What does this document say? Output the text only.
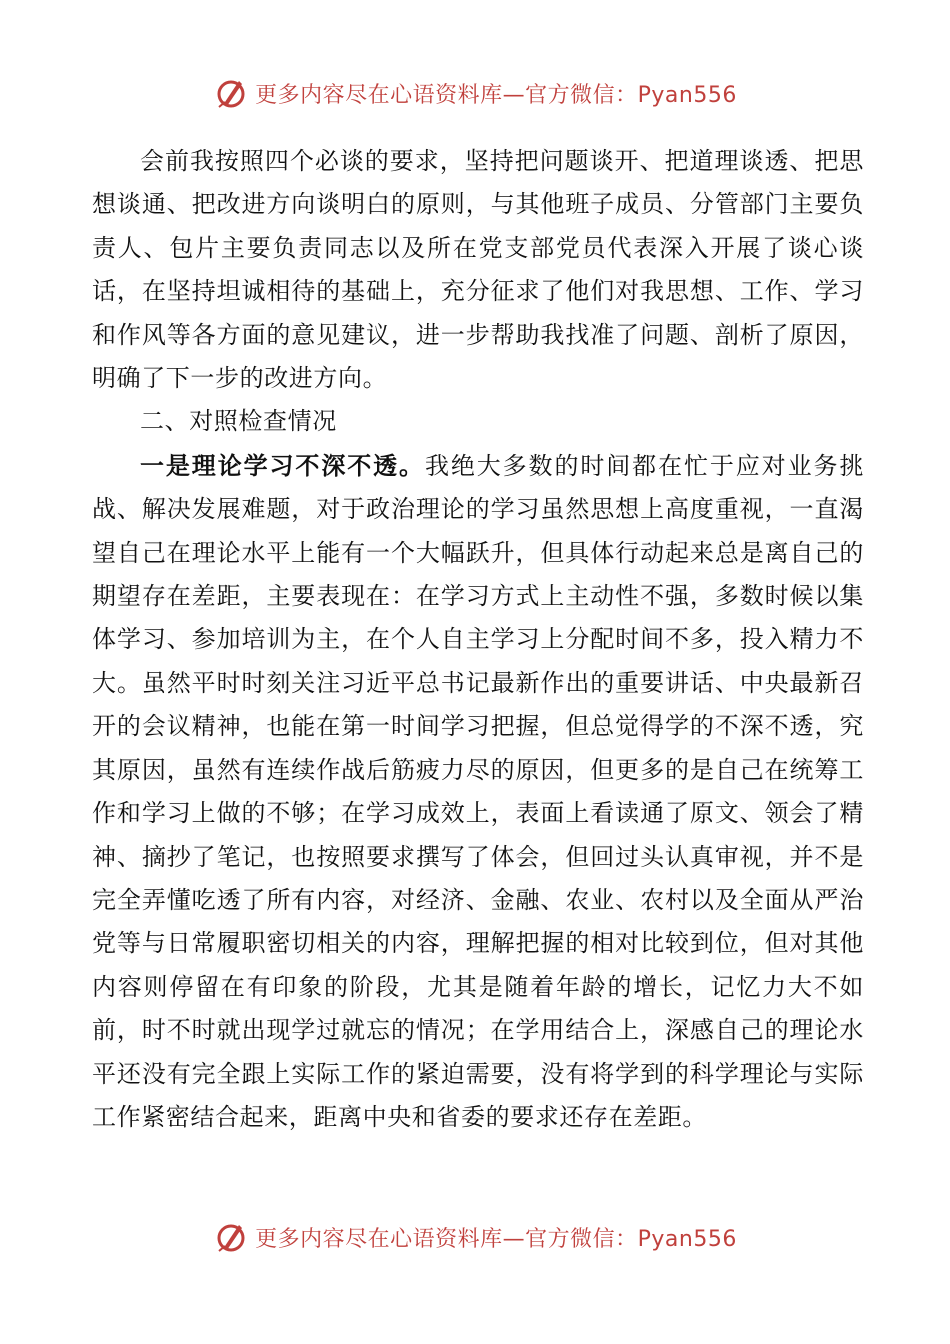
更多内容尽在心语资料库—官方微信：Pyan556

会前我按照四个必谈的要求，坚持把问题谈开、把道理谈透、把思想谈通、把改进方向谈明白的原则，与其他班子成员、分管部门主要负责人、包片主要负责同志以及所在党支部党员代表深入开展了谈心谈话，在坚持坦诚相待的基础上，充分征求了他们对我思想、工作、学习和作风等各方面的意见建议，进一步帮助我找准了问题、剖析了原因，明确了下一步的改进方向。

二、对照检查情况

一是理论学习不深不透。我绝大多数的时间都在忙于应对业务挑战、解决发展难题，对于政治理论的学习虽然思想上高度重视，一直渴望自己在理论水平上能有一个大幅跃升，但具体行动起来总是离自己的期望存在差距，主要表现在：在学习方式上主动性不强，多数时候以集体学习、参加培训为主，在个人自主学习上分配时间不多，投入精力不大。虽然平时时刻关注习近平总书记最新作出的重要讲话、中央最新召开的会议精神，也能在第一时间学习把握，但总觉得学的不深不透，究其原因，虽然有连续作战后筋疲力尽的原因，但更多的是自己在统筹工作和学习上做的不够；在学习成效上，表面上看读通了原文、领会了精神、摘抄了笔记，也按照要求撰写了体会，但回过头认真审视，并不是完全弄懂吃透了所有内容，对经济、金融、农业、农村以及全面从严治党等与日常履职密切相关的内容，理解把握的相对比较到位，但对其他内容则停留在有印象的阶段，尤其是随着年龄的增长，记忆力大不如前，时不时就出现学过就忘的情况；在学用结合上，深感自己的理论水平还没有完全跟上实际工作的紧迫需要，没有将学到的科学理论与实际工作紧密结合起来，距离中央和省委的要求还存在差距。

更多内容尽在心语资料库—官方微信：Pyan556
